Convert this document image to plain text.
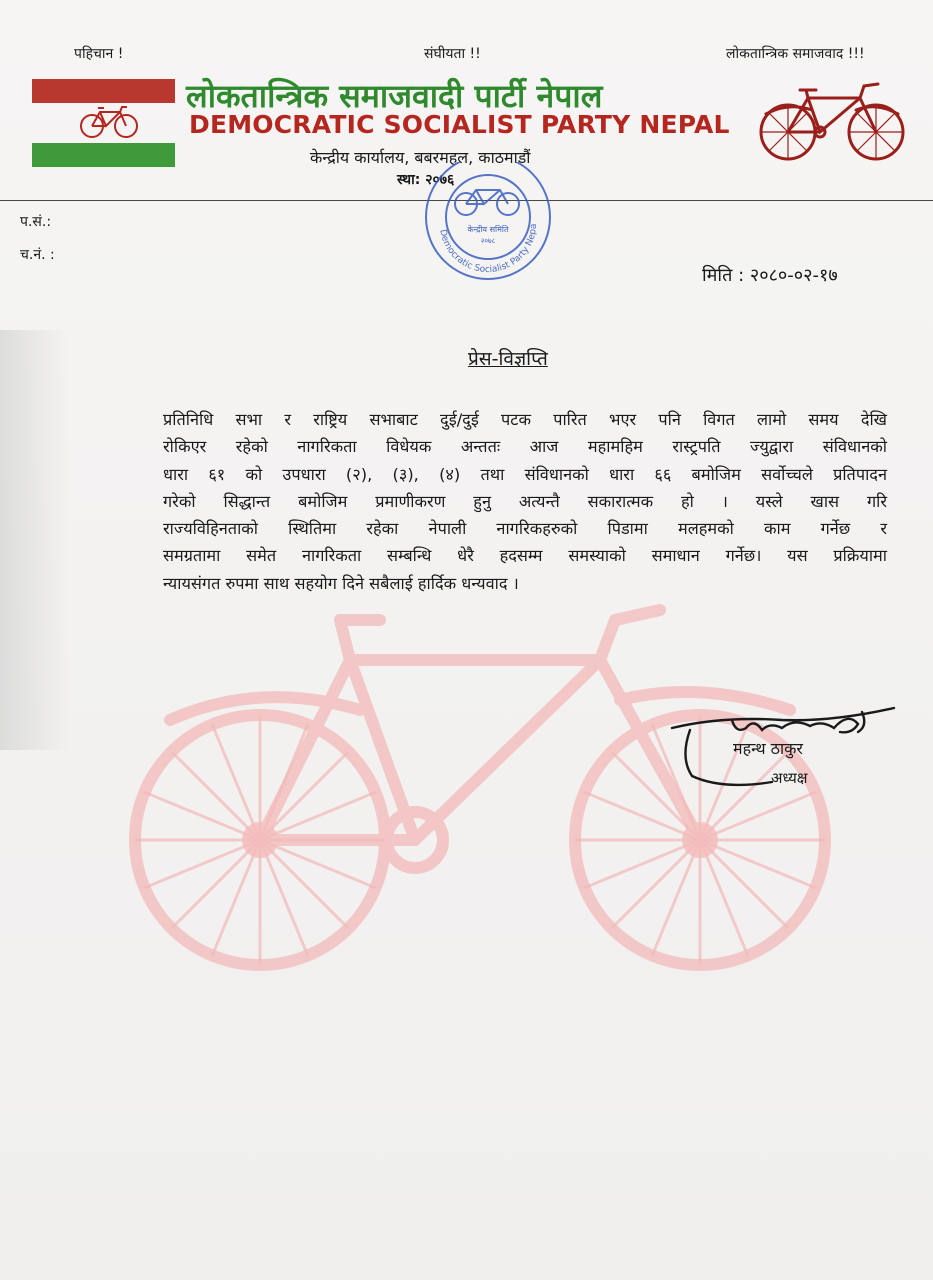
पहिचान !	संघीयता !!	लोकतान्त्रिक समाजवाद !!!
लोकतान्त्रिक समाजवादी पार्टी नेपाल
DEMOCRATIC SOCIALIST PARTY NEPAL
केन्द्रीय कार्यालय, बबरमहल, काठमाडौं
स्था: २०७६
केन्द्रीय समिति
२०७८
Democratic Socialist Party Nepa
प.सं.:
च.नं. :
मिति : २०८०-०२-१७
प्रेस-विज्ञप्ति
प्रतिनिधि सभा र राष्ट्रिय सभाबाट दुई/दुई पटक पारित भएर पनि विगत लामो समय देखि
रोकिएर रहेको नागरिकता विधेयक अन्ततः आज महामहिम रास्ट्रपति ज्युद्वारा संविधानको
धारा ६१ को उपधारा (२), (३), (४) तथा संविधानको धारा ६६ बमोजिम सर्वोच्चले प्रतिपादन
गरेको सिद्धान्त बमोजिम प्रमाणीकरण हुनु अत्यन्तै सकारात्मक हो । यस्ले खास गरि
राज्यविहिनताको स्थितिमा रहेका नेपाली नागरिकहरुको पिडामा मलहमको काम गर्नेछ र
समग्रतामा समेत नागरिकता सम्बन्धि धेरै हदसम्म समस्याको समाधान गर्नेछ। यस प्रक्रियामा
न्यायसंगत रुपमा साथ सहयोग दिने सबैलाई हार्दिक धन्यवाद ।
महन्थ ठाकुर
अध्यक्ष
